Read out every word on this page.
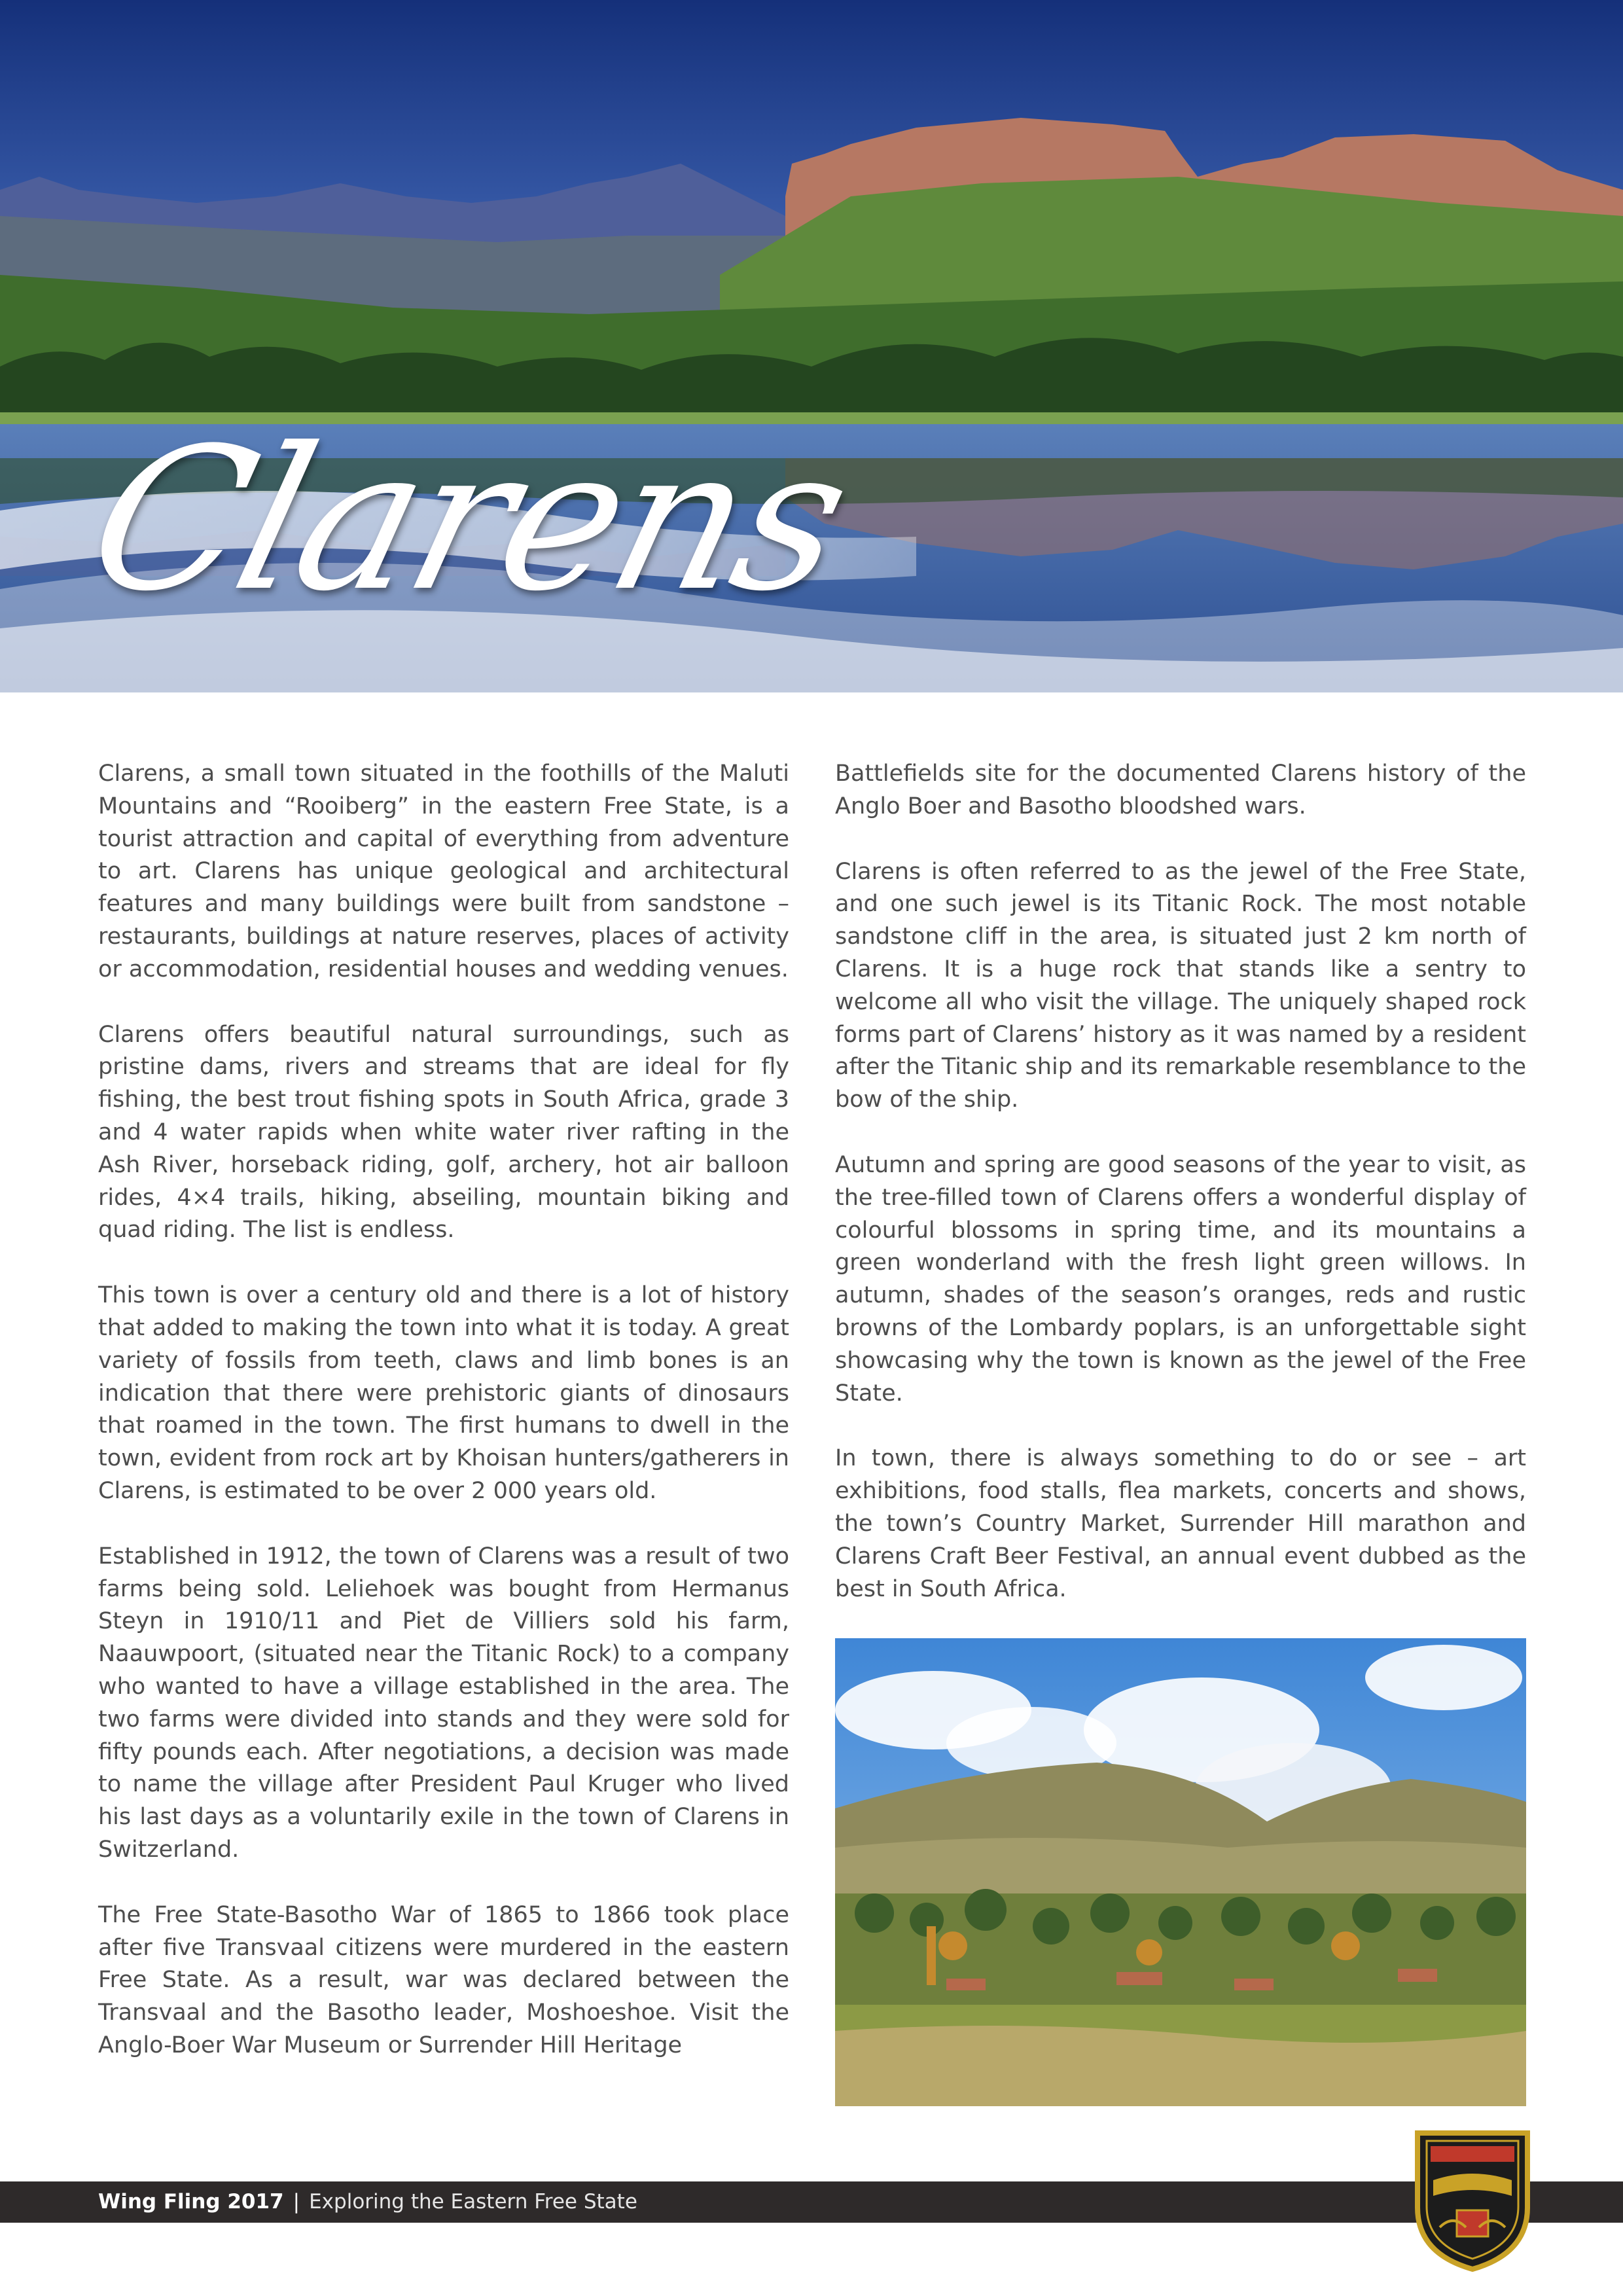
Clarens

Clarens, a small town situated in the foothills of the Maluti Mountains and “Rooiberg” in the eastern Free State, is a tourist attraction and capital of everything from adventure to art. Clarens has unique geological and architectural features and many buildings were built from sandstone – restaurants, buildings at nature reserves, places of activity or accommodation, residential houses and wedding venues.

Clarens offers beautiful natural surroundings, such as pristine dams, rivers and streams that are ideal for fly fishing, the best trout fishing spots in South Africa, grade 3 and 4 water rapids when white water river rafting in the Ash River, horseback riding, golf, archery, hot air balloon rides, 4×4 trails, hiking, abseiling, mountain biking and quad riding. The list is endless.

This town is over a century old and there is a lot of history that added to making the town into what it is today. A great variety of fossils from teeth, claws and limb bones is an indication that there were prehistoric giants of dinosaurs that roamed in the town. The first humans to dwell in the town, evident from rock art by Khoisan hunters/gatherers in Clarens, is estimated to be over 2 000 years old.

Established in 1912, the town of Clarens was a result of two farms being sold. Leliehoek was bought from Hermanus Steyn in 1910/11 and Piet de Villiers sold his farm, Naauwpoort, (situated near the Titanic Rock) to a company who wanted to have a village established in the area. The two farms were divided into stands and they were sold for fifty pounds each. After negotiations, a decision was made to name the village after President Paul Kruger who lived his last days as a voluntarily exile in the town of Clarens in Switzerland.

The Free State-Basotho War of 1865 to 1866 took place after five Transvaal citizens were murdered in the eastern Free State. As a result, war was declared between the Transvaal and the Basotho leader, Moshoeshoe. Visit the Anglo-Boer War Museum or Surrender Hill Heritage

Battlefields site for the documented Clarens history of the Anglo Boer and Basotho bloodshed wars.

Clarens is often referred to as the jewel of the Free State, and one such jewel is its Titanic Rock. The most notable sandstone cliff in the area, is situated just 2 km north of Clarens. It is a huge rock that stands like a sentry to welcome all who visit the village. The uniquely shaped rock forms part of Clarens’ history as it was named by a resident after the Titanic ship and its remarkable resemblance to the bow of the ship.

Autumn and spring are good seasons of the year to visit, as the tree-filled town of Clarens offers a wonderful display of colourful blossoms in spring time, and its mountains a green wonderland with the fresh light green willows. In autumn, shades of the season’s oranges, reds and rustic browns of the Lombardy poplars, is an unforgettable sight showcasing why the town is known as the jewel of the Free State.

In town, there is always something to do or see – art exhibitions, food stalls, flea markets, concerts and shows, the town’s Country Market, Surrender Hill marathon and Clarens Craft Beer Festival, an annual event dubbed as the best in South Africa.

Wing Fling 2017 | Exploring the Eastern Free State
